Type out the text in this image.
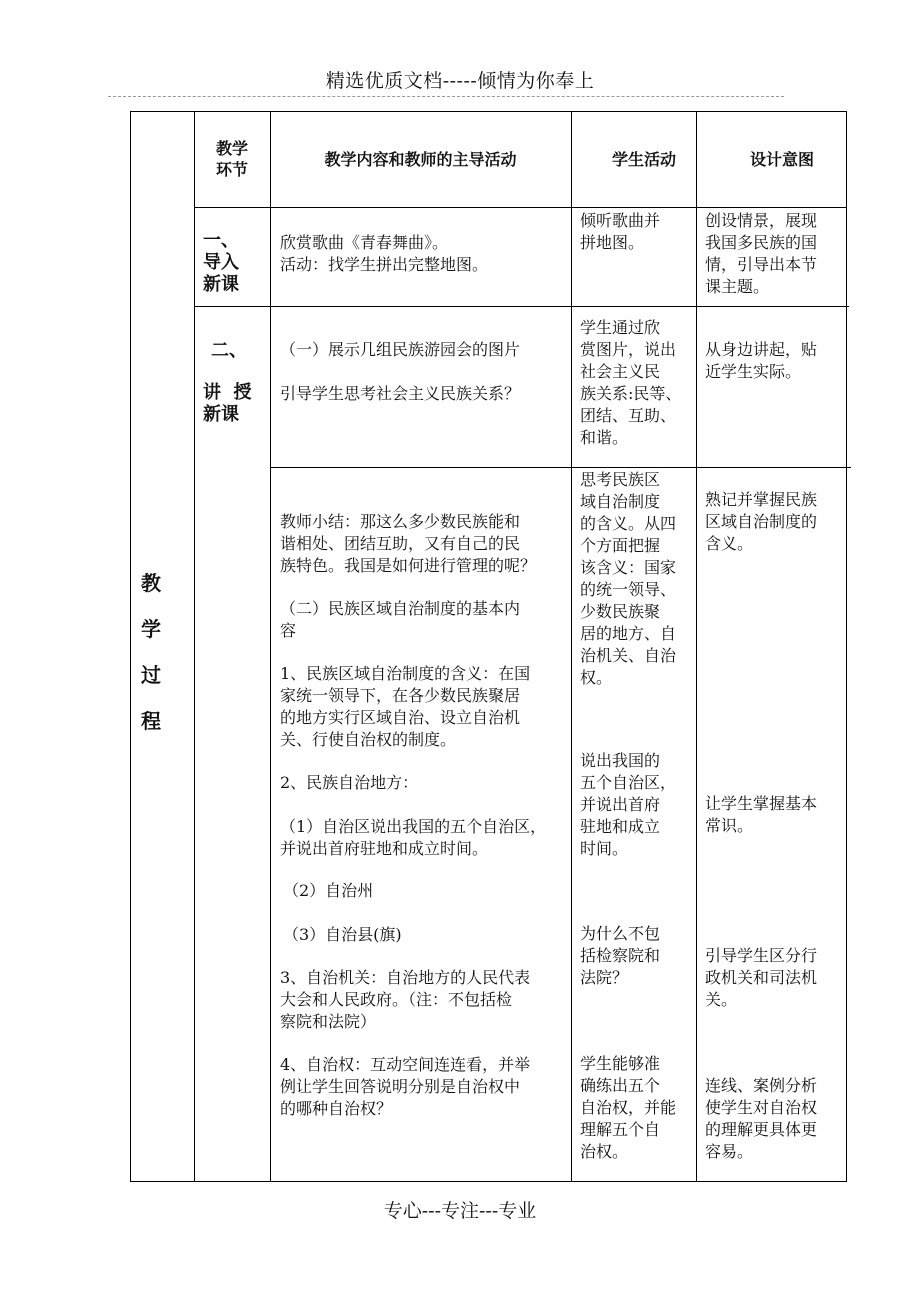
精选优质文档-----倾情为你奉上
专心---专注---专业
教
学
过
程
教学
环节
教学内容和教师的主导活动	学生活动	设计意图
一、
导入
新课
欣赏歌曲《青春舞曲》。
活动：找学生拼出完整地图。
倾听歌曲并
拼地图。
创设情景，展现
我国多民族的国
情，引导出本节
课主题。
二、
讲  授
新课
（一）展示几组民族游园会的图片

引导学生思考社会主义民族关系？
学生通过欣
赏图片，说出
社会主义民
族关系:民等、
团结、互助、
和谐。
从身边讲起，贴
近学生实际。
教师小结：那这么多少数民族能和
谐相处、团结互助，又有自己的民
族特色。我国是如何进行管理的呢？
（二）民族区域自治制度的基本内
容
1、民族区域自治制度的含义：在国
家统一领导下，在各少数民族聚居
的地方实行区域自治、设立自治机
关、行使自治权的制度。
2、民族自治地方：
（1）自治区说出我国的五个自治区，
并说出首府驻地和成立时间。
（2）自治州
（3）自治县(旗)
3、自治机关：自治地方的人民代表
大会和人民政府。（注：不包括检
察院和法院）
4、自治权：互动空间连连看，并举
例让学生回答说明分别是自治权中
的哪种自治权？
思考民族区
域自治制度
的含义。从四
个方面把握
该含义：国家
的统一领导、
少数民族聚
居的地方、自
治机关、自治
权。
说出我国的
五个自治区，
并说出首府
驻地和成立
时间。
为什么不包
括检察院和
法院？
学生能够准
确练出五个
自治权，并能
理解五个自
治权。
熟记并掌握民族
区域自治制度的
含义。
让学生掌握基本
常识。
引导学生区分行
政机关和司法机
关。
连线、案例分析
使学生对自治权
的理解更具体更
容易。
